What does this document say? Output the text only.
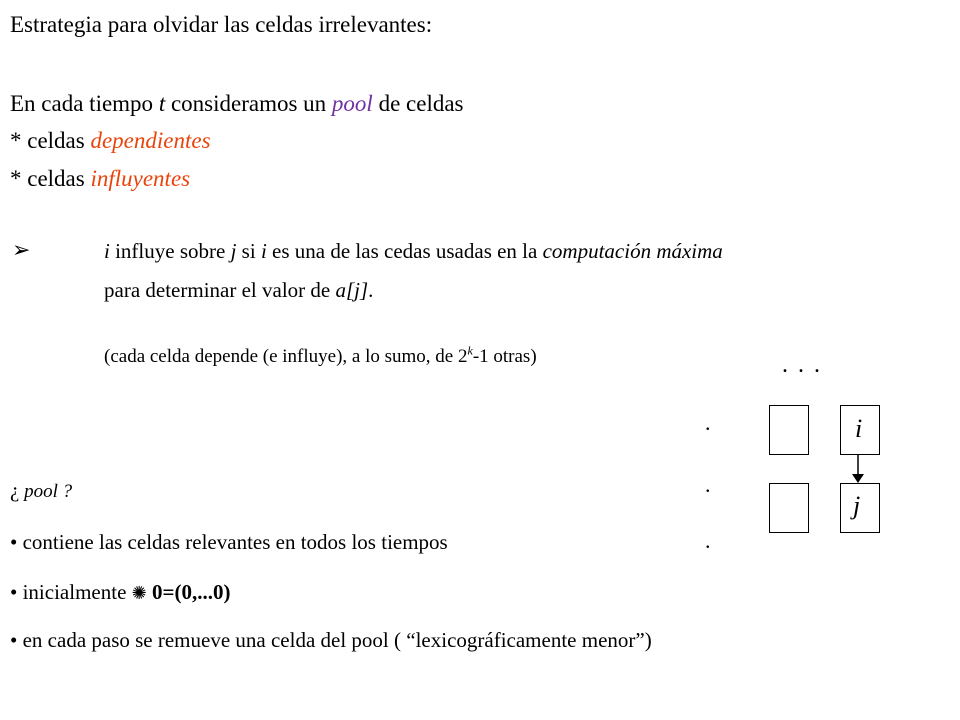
Estrategia para olvidar las celdas irrelevantes:
En cada tiempo t consideramos un pool de celdas
* celdas dependientes
* celdas influyentes
➢	i influye sobre j si i es una de las cedas usadas en la computación máxima
para determinar el valor de a[j].
(cada celda depende (e influye), a lo sumo, de 2$^k$-1 otras)
¿ pool ?
• contiene las celdas relevantes en todos los tiempos
• inicialmente ✺ 0=(0,...0)
• en cada paso se remueve una celda del pool ( “lexicográficamente menor”)
. . .
.
.
.
i
j
